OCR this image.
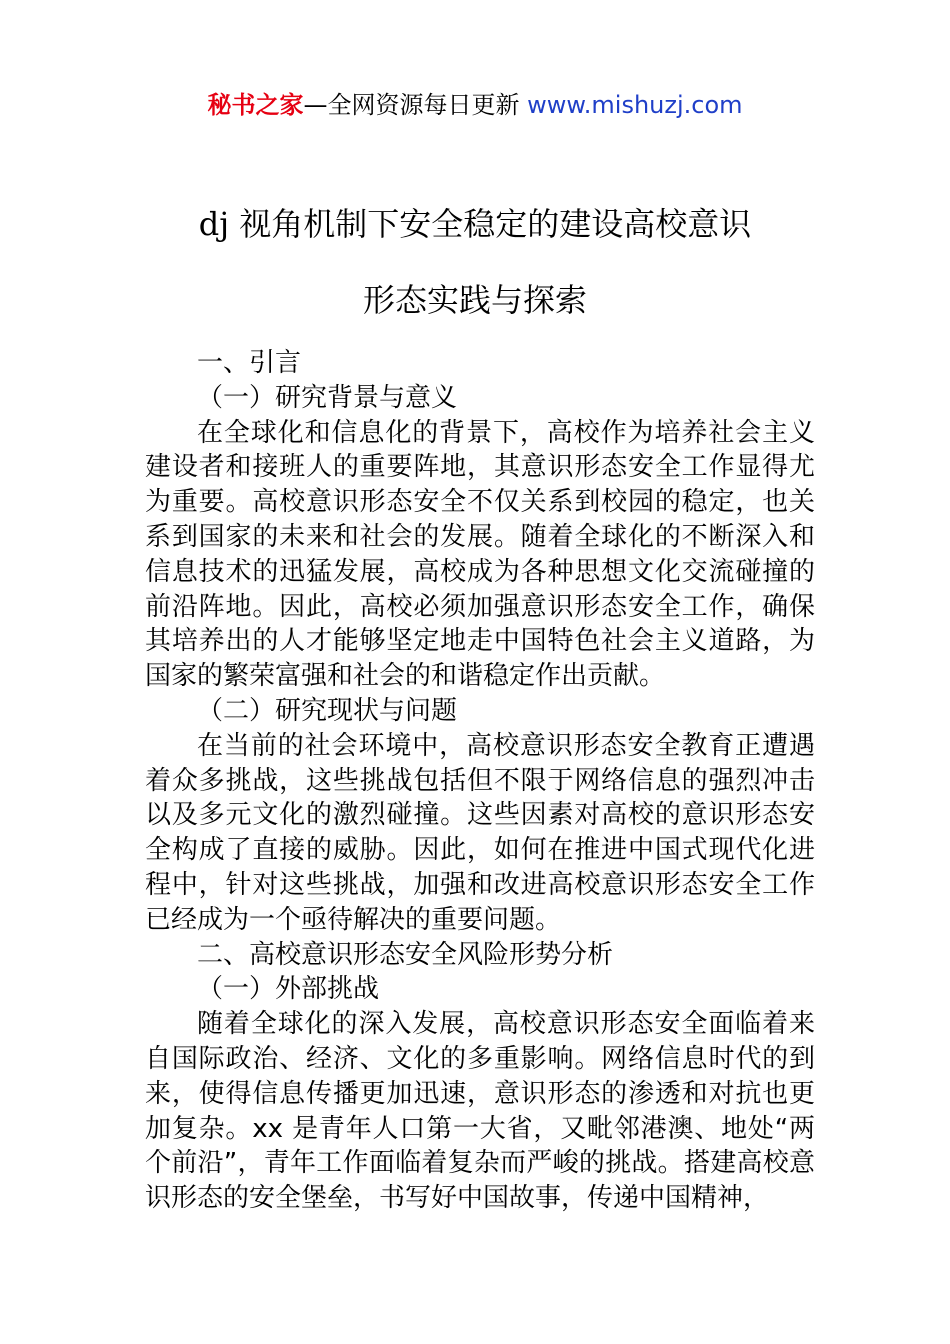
秘书之家—全网资源每日更新 www.mishuzj.com
dj 视角机制下安全稳定的建设高校意识
形态实践与探索

一、引言

（一）研究背景与意义

在全球化和信息化的背景下，高校作为培养社会主义建设者和接班人的重要阵地，其意识形态安全工作显得尤为重要。高校意识形态安全不仅关系到校园的稳定，也关系到国家的未来和社会的发展。随着全球化的不断深入和信息技术的迅猛发展，高校成为各种思想文化交流碰撞的前沿阵地。因此，高校必须加强意识形态安全工作，确保其培养出的人才能够坚定地走中国特色社会主义道路，为国家的繁荣富强和社会的和谐稳定作出贡献。

（二）研究现状与问题

在当前的社会环境中，高校意识形态安全教育正遭遇着众多挑战，这些挑战包括但不限于网络信息的强烈冲击以及多元文化的激烈碰撞。这些因素对高校的意识形态安全构成了直接的威胁。因此，如何在推进中国式现代化进程中，针对这些挑战，加强和改进高校意识形态安全工作已经成为一个亟待解决的重要问题。

二、高校意识形态安全风险形势分析

（一）外部挑战

随着全球化的深入发展，高校意识形态安全面临着来自国际政治、经济、文化的多重影响。网络信息时代的到来，使得信息传播更加迅速，意识形态的渗透和对抗也更加复杂。xx 是青年人口第一大省，又毗邻港澳、地处“两个前沿”，青年工作面临着复杂而严峻的挑战。搭建高校意识形态的安全堡垒，书写好中国故事，传递中国精神，
